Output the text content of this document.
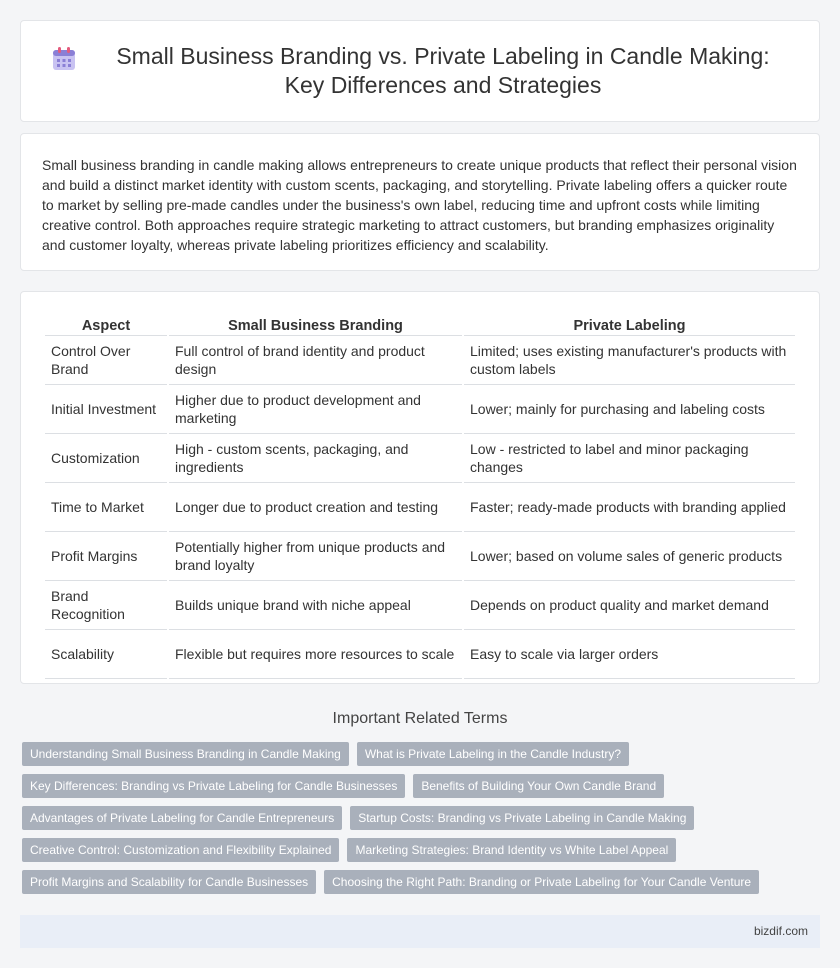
Small Business Branding vs. Private Labeling in Candle Making: Key Differences and Strategies

Small business branding in candle making allows entrepreneurs to create unique products that reflect their personal vision and build a distinct market identity with custom scents, packaging, and storytelling. Private labeling offers a quicker route to market by selling pre-made candles under the business's own label, reducing time and upfront costs while limiting creative control. Both approaches require strategic marketing to attract customers, but branding emphasizes originality and customer loyalty, whereas private labeling prioritizes efficiency and scalability.

Aspect	Small Business Branding	Private Labeling
Control Over Brand	Full control of brand identity and product design	Limited; uses existing manufacturer's products with custom labels
Initial Investment	Higher due to product development and marketing	Lower; mainly for purchasing and labeling costs
Customization	High - custom scents, packaging, and ingredients	Low - restricted to label and minor packaging changes
Time to Market	Longer due to product creation and testing	Faster; ready-made products with branding applied
Profit Margins	Potentially higher from unique products and brand loyalty	Lower; based on volume sales of generic products
Brand Recognition	Builds unique brand with niche appeal	Depends on product quality and market demand
Scalability	Flexible but requires more resources to scale	Easy to scale via larger orders
Important Related Terms
Understanding Small Business Branding in Candle Making	What is Private Labeling in the Candle Industry?
Key Differences: Branding vs Private Labeling for Candle Businesses	Benefits of Building Your Own Candle Brand
Advantages of Private Labeling for Candle Entrepreneurs	Startup Costs: Branding vs Private Labeling in Candle Making
Creative Control: Customization and Flexibility Explained	Marketing Strategies: Brand Identity vs White Label Appeal
Profit Margins and Scalability for Candle Businesses	Choosing the Right Path: Branding or Private Labeling for Your Candle Venture
bizdif.com
